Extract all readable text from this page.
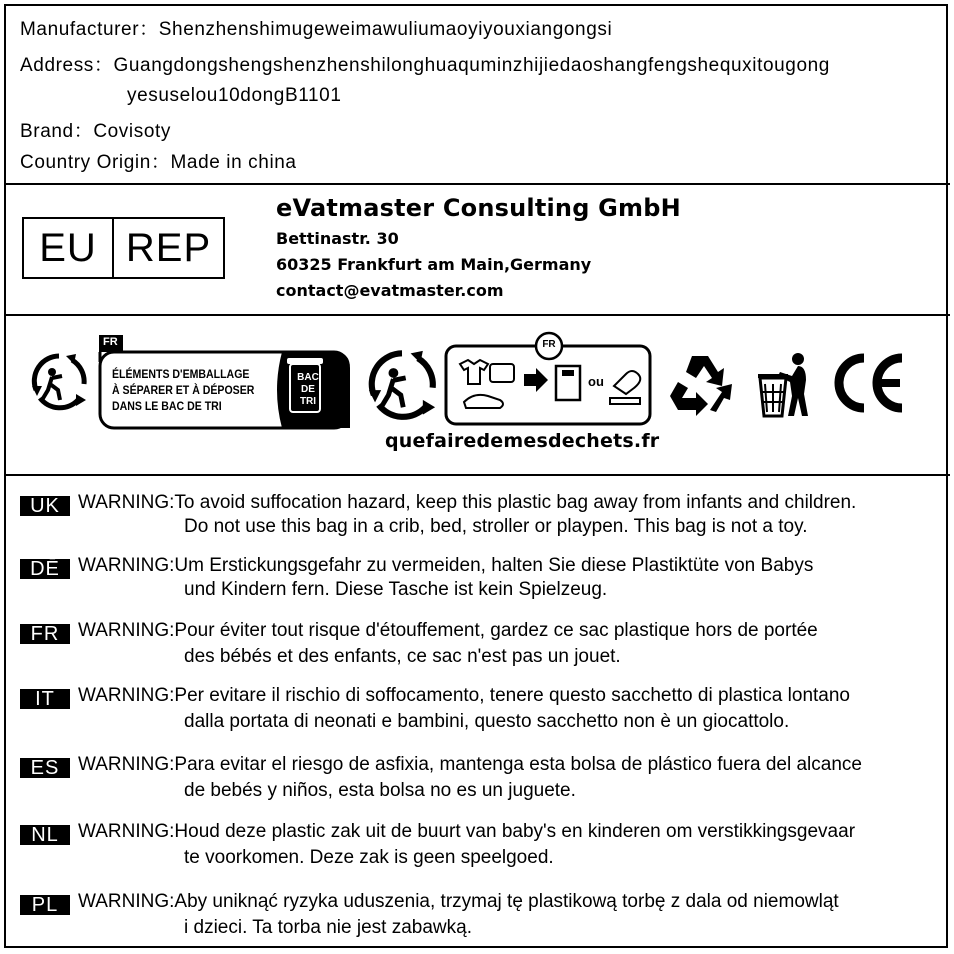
Manufacturer：Shenzhenshimugeweimawuliumaoyiyouxiangongsi
Address：Guangdongshengshenzhenshilonghuaquminzhijiedaoshangfengshequxitougong
yesuselou10dongB1101
Brand：Covisoty
Country Origin：Made in china
EU REP
eVatmaster Consulting GmbH
Bettinastr. 30
60325 Frankfurt am Main,Germany
contact@evatmaster.com
FR
ÉLÉMENTS D'EMBALLAGE
À SÉPARER ET À DÉPOSER
DANS LE BAC DE TRI
BAC
DE
TRI
FR
ou
quefairedemesdechets.fr
UK WARNING:To avoid suffocation hazard, keep this plastic bag away from infants and children.
Do not use this bag in a crib, bed, stroller or playpen. This bag is not a toy.
DĒ WARNING:Um Erstickungsgefahr zu vermeiden, halten Sie diese Plastiktüte von Babys
und Kindern fern. Diese Tasche ist kein Spielzeug.
FR WARNING:Pour éviter tout risque d'étouffement, gardez ce sac plastique hors de portée
des bébés et des enfants, ce sac n'est pas un jouet.
IT	WARNING:Per evitare il rischio di soffocamento, tenere questo sacchetto di plastica lontano
dalla portata di neonati e bambini, questo sacchetto non è un giocattolo.
ES WARNING:Para evitar el riesgo de asfixia, mantenga esta bolsa de plástico fuera del alcance
de bebés y niños, esta bolsa no es un juguete.
NL	WARNING:Houd deze plastic zak uit de buurt van baby's en kinderen om verstikkingsgevaar
te voorkomen. Deze zak is geen speelgoed.
PL	WARNING:Aby uniknąć ryzyka uduszenia, trzymaj tę plastikową torbę z dala od niemowląt
i dzieci. Ta torba nie jest zabawką.
